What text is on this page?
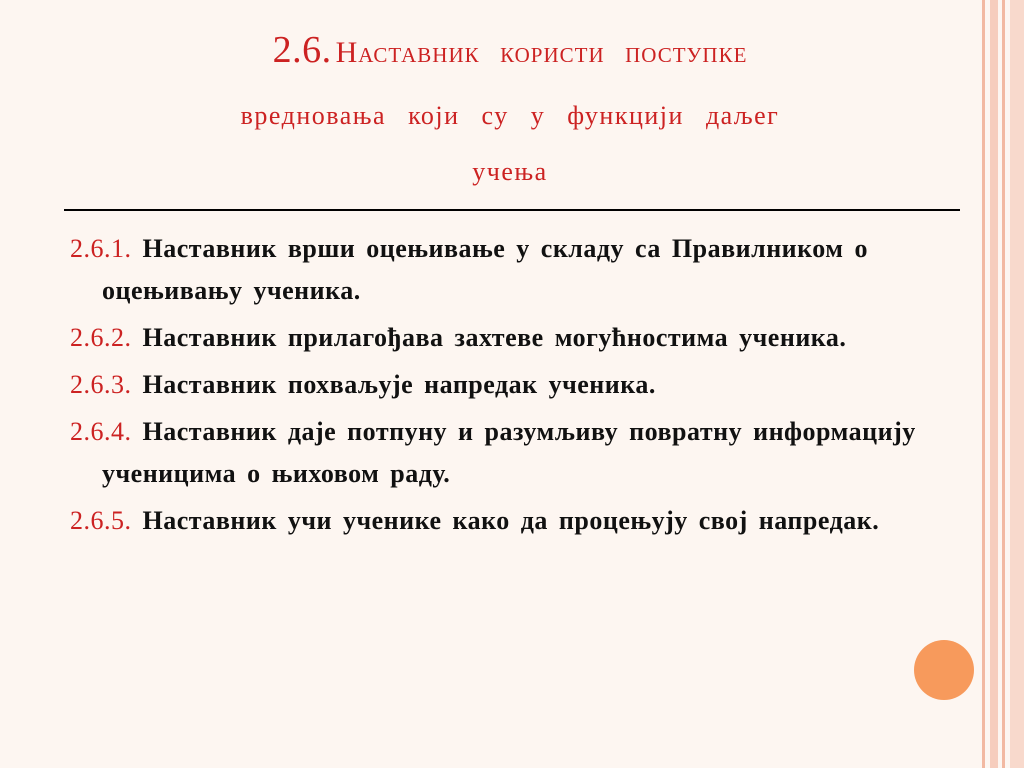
2.6. Наставник користи поступке
вредновања који су у функцији даљег
учења
2.6.1. Наставник врши оцењивање у складу са Правилником о оцењивању ученика.
2.6.2. Наставник прилагођава захтеве могућностима ученика.
2.6.3. Наставник похваљује напредак ученика.
2.6.4. Наставник даје потпуну и разумљиву повратну информацију ученицима о њиховом раду.
2.6.5. Наставник учи ученике како да процењују свој напредак.
